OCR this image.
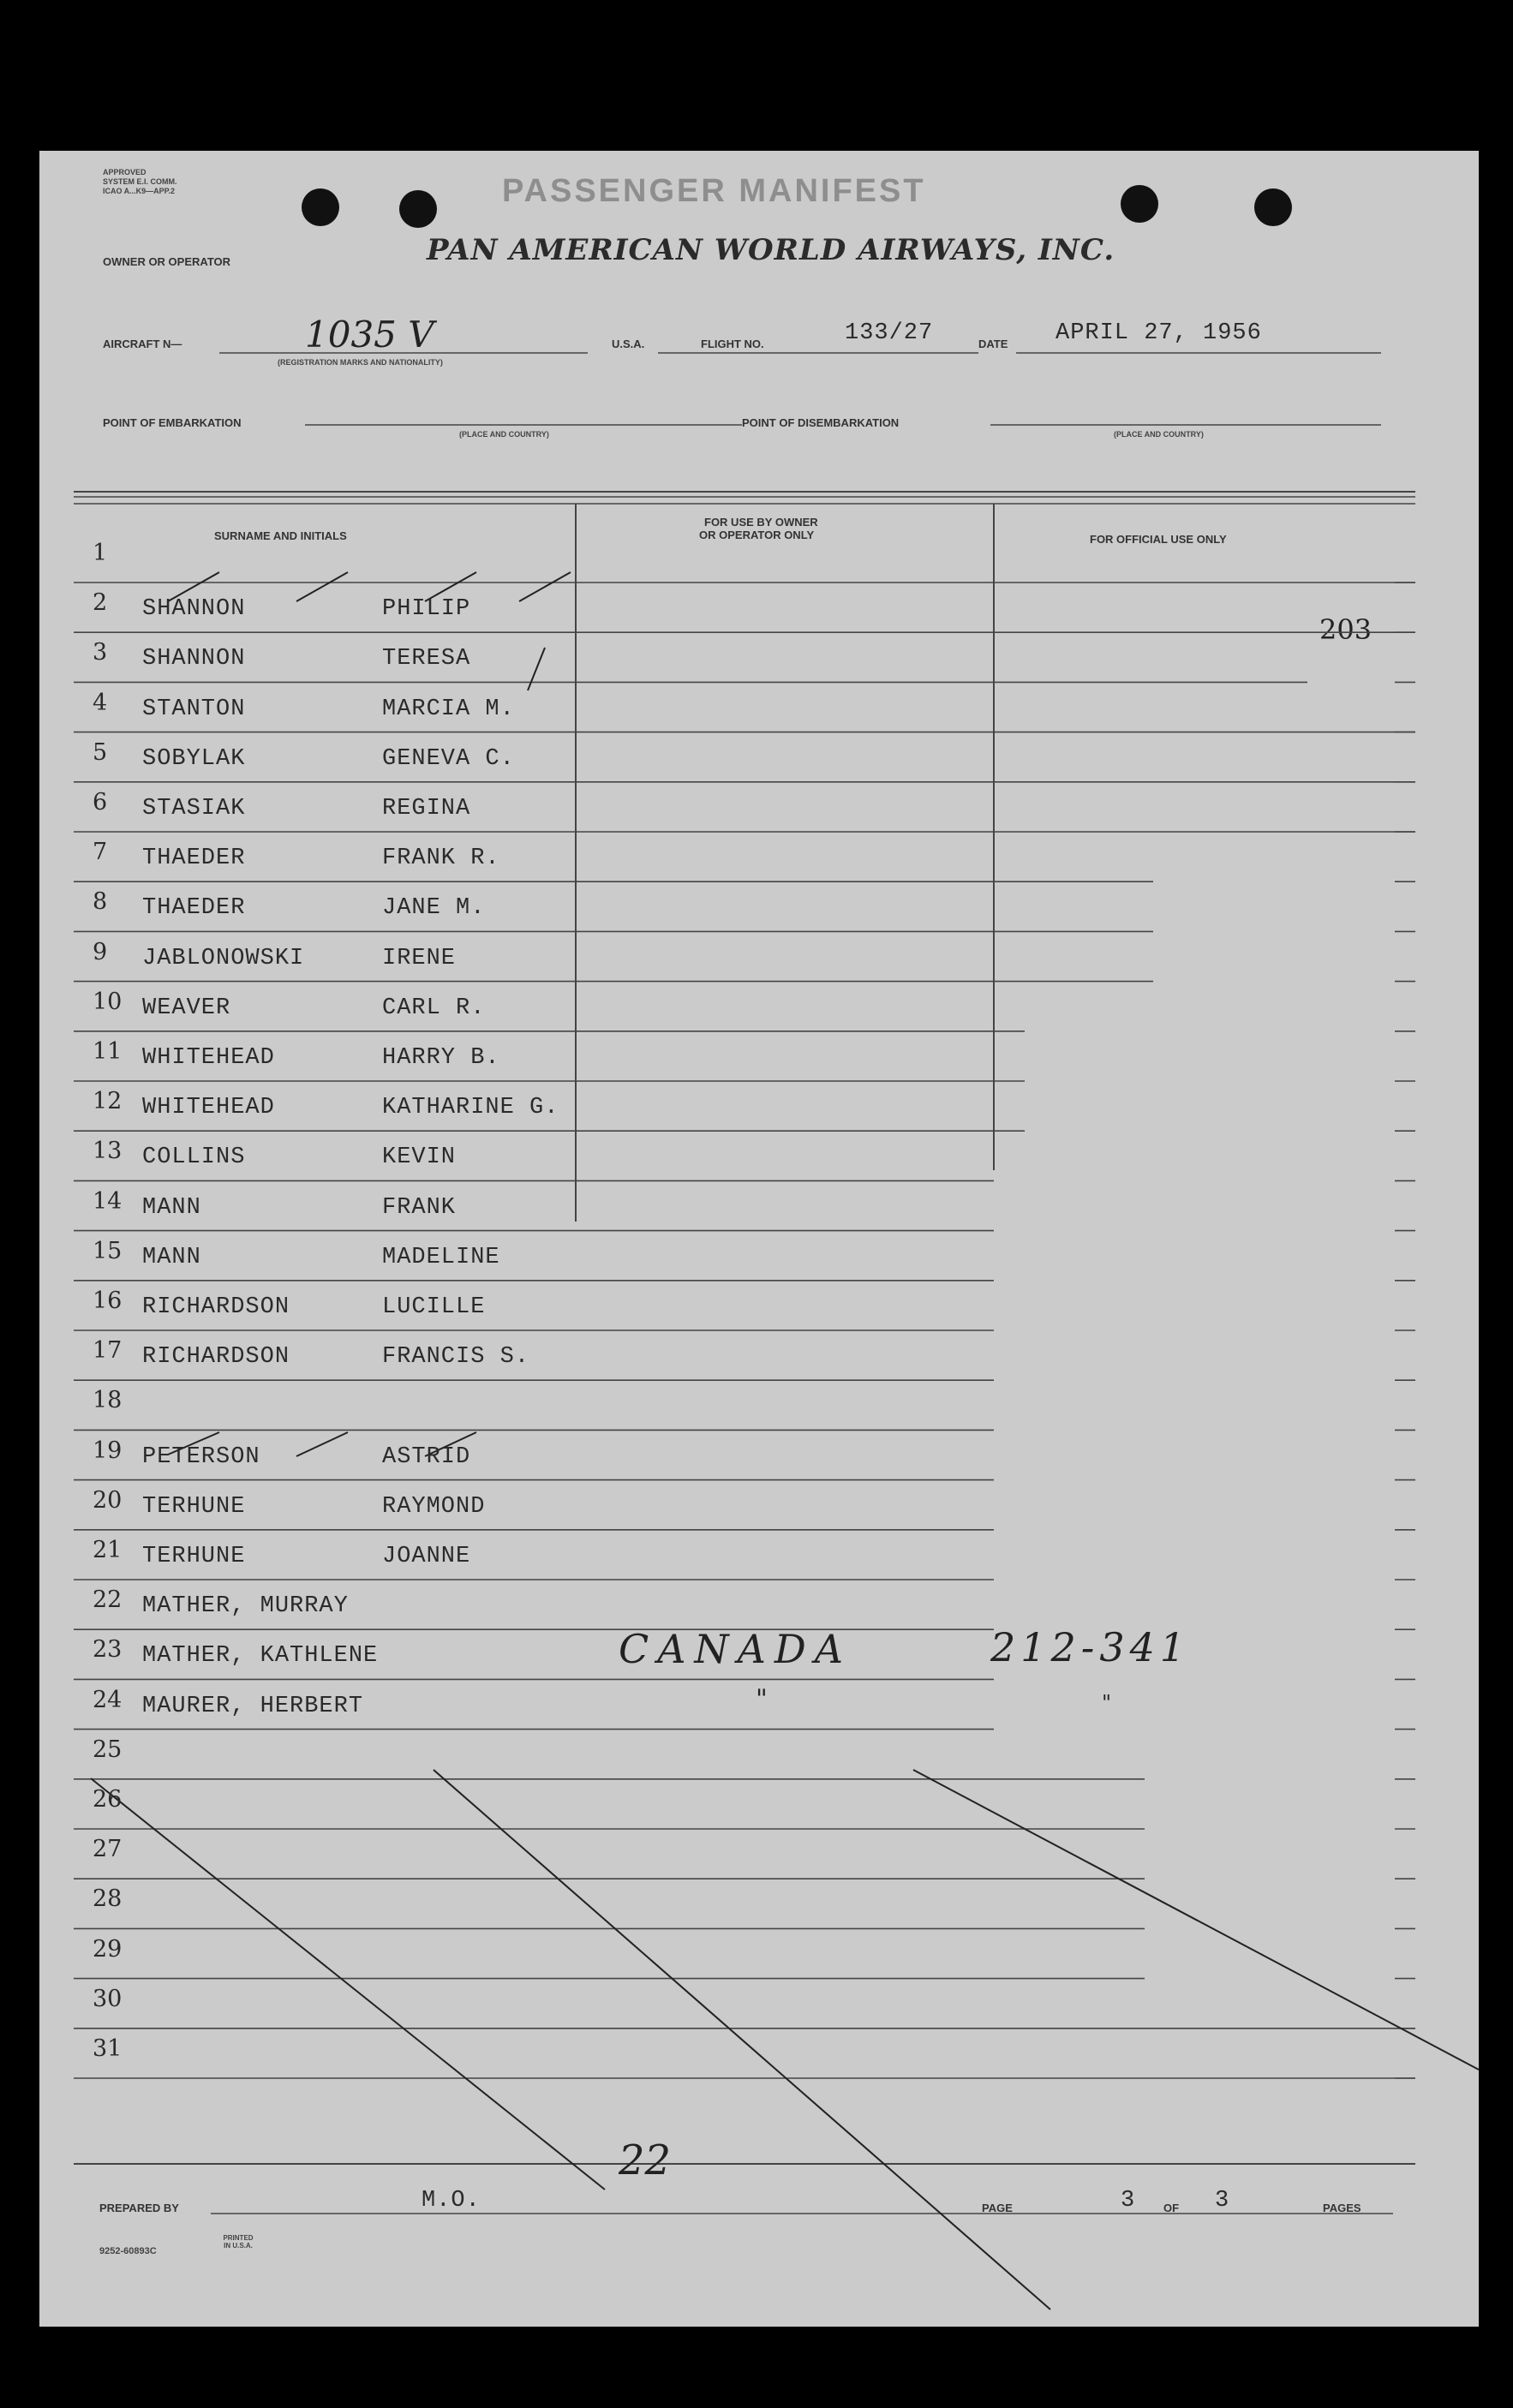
APPROVED
SYSTEM E.I. COMM.
ICAO A...K9—APP.2	PASSENGER MANIFEST
OWNER OR OPERATOR	PAN AMERICAN WORLD AIRWAYS, INC.
AIRCRAFT N—	1035 V
(REGISTRATION MARKS AND NATIONALITY)
U.S.A.	FLIGHT NO.	133/27	DATE APRIL 27, 1956
POINT OF EMBARKATION
(PLACE AND COUNTRY)
POINT OF DISEMBARKATION
(PLACE AND COUNTRY)
SURNAME AND INITIALS
FOR USE BY OWNER
OR OPERATOR ONLY	FOR OFFICIAL USE ONLY
203
1
2 SHANNON	PHILIP
3 SHANNON	TERESA
4 STANTON	MARCIA M.
5 SOBYLAK	GENEVA C.
6 STASIAK	REGINA
7 THAEDER	FRANK R.
8 THAEDER	JANE M.
9 JABLONOWSKI	IRENE
10 WEAVER	CARL R.
11 WHITEHEAD	HARRY B.
12 WHITEHEAD	KATHARINE G.
13 COLLINS	KEVIN
14 MANN	FRANK
15 MANN	MADELINE
16 RICHARDSON	LUCILLE
17 RICHARDSON	FRANCIS S.
18
19 PETERSON	ASTRID
20 TERHUNE	RAYMOND
21 TERHUNE	JOANNE
22 MATHER, MURRAY
23 MATHER, KATHLENE
24 MAURER, HERBERT
25
26
27
28
29
30
31
CANADA	212-341
"	"
PREPARED BY	M.O.
22
PAGE	3	OF 3	PAGES
9252-60893C
PRINTED IN U.S.A.
